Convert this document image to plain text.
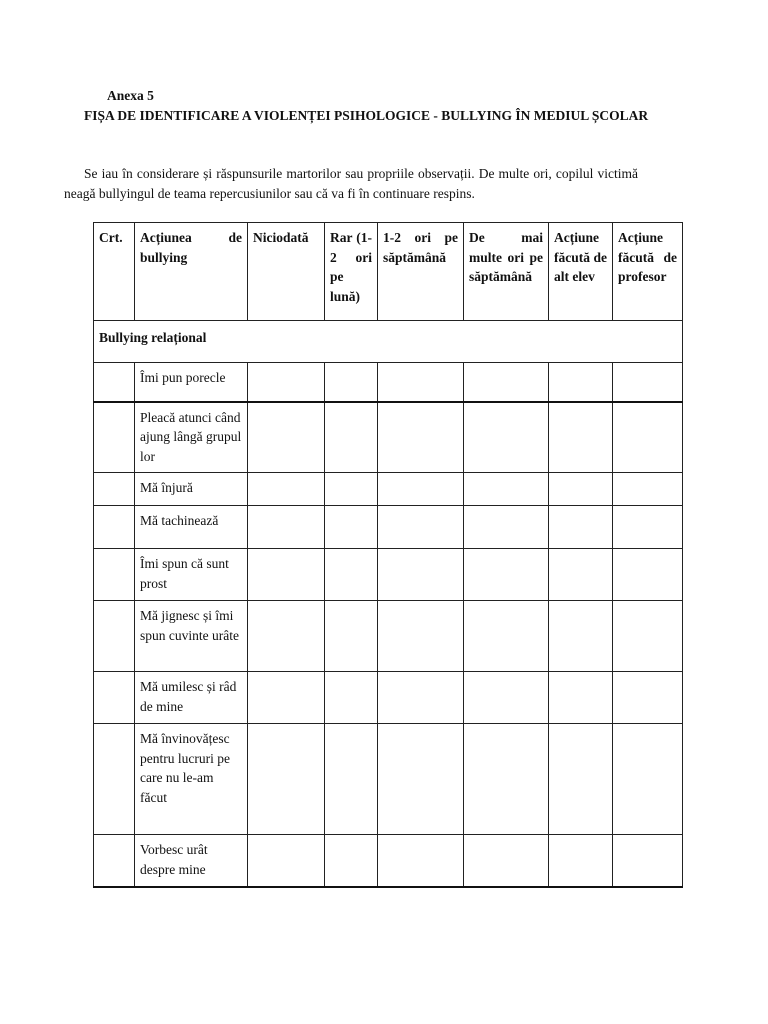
Anexa 5
FIȘA DE IDENTIFICARE A VIOLENȚEI PSIHOLOGICE - BULLYING ÎN MEDIUL ȘCOLAR
Se iau în considerare și răspunsurile martorilor sau propriile observații. De multe ori, copilul victimă neagă bullyingul de teama repercusiunilor sau că va fi în continuare respins.
Crt.	Acțiunea de bullying	Niciodată	Rar (1-2 ori pe lună)	1-2 ori pe săptămână	De mai multe ori pe săptămână	Acțiune făcută de alt elev	Acțiune făcută de profesor
Bullying relațional							
	Îmi pun porecle						
	Pleacă atunci când ajung lângă grupul lor						
	Mă înjură						
	Mă tachinează						
	Îmi spun că sunt prost						
	Mă jignesc și îmi spun cuvinte urâte						
	Mă umilesc și râd de mine						
	Mă învinovățesc pentru lucruri pe care nu le-am făcut						
	Vorbesc urât despre mine						
